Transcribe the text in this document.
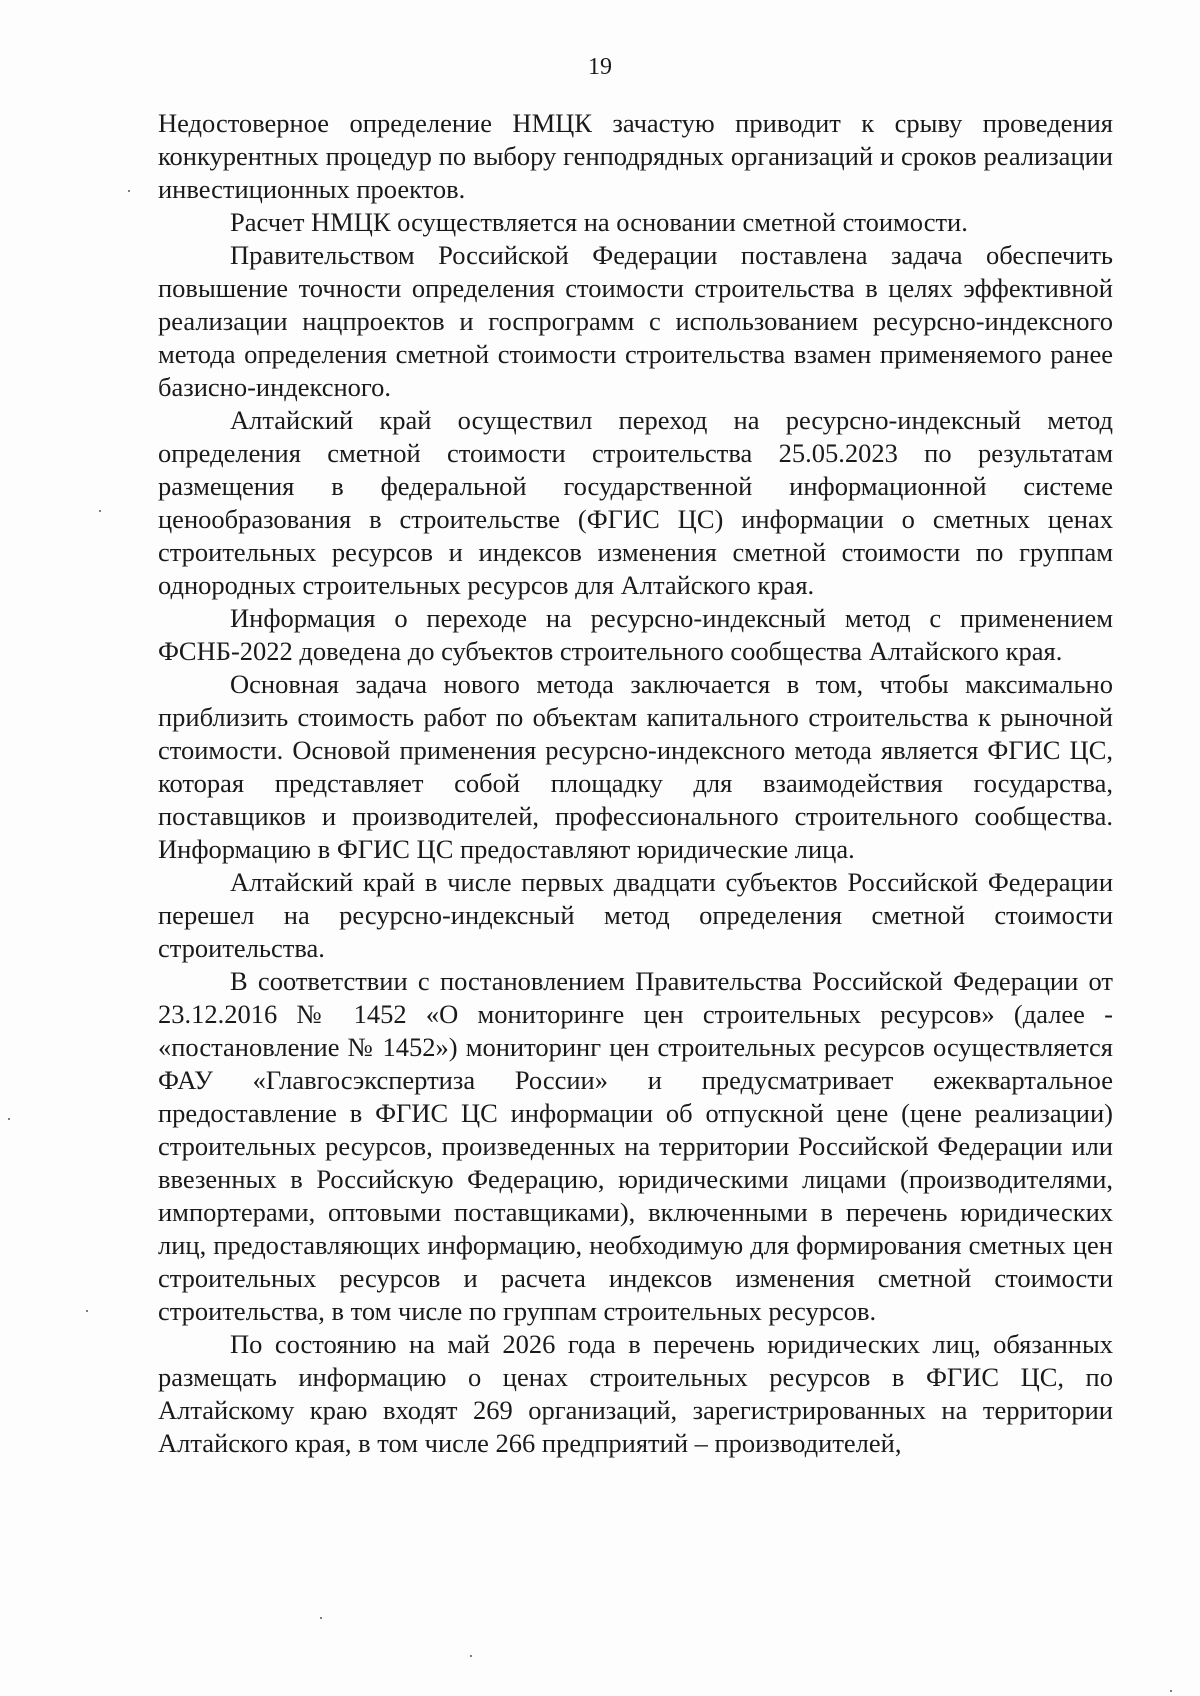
19

Недостоверное определение НМЦК зачастую приводит к срыву проведения конкурентных процедур по выбору генподрядных организаций и сроков реализации инвестиционных проектов.

Расчет НМЦК осуществляется на основании сметной стоимости.

Правительством Российской Федерации поставлена задача обеспечить повышение точности определения стоимости строительства в целях эффективной реализации нацпроектов и госпрограмм с использованием ресурсно-индексного метода определения сметной стоимости строительства взамен применяемого ранее базисно-индексного.

Алтайский край осуществил переход на ресурсно-индексный метод определения сметной стоимости строительства 25.05.2023 по результатам размещения в федеральной государственной информационной системе ценообразования в строительстве (ФГИС ЦС) информации о сметных ценах строительных ресурсов и индексов изменения сметной стоимости по группам однородных строительных ресурсов для Алтайского края.

Информация о переходе на ресурсно-индексный метод с применением ФСНБ-2022 доведена до субъектов строительного сообщества Алтайского края.

Основная задача нового метода заключается в том, чтобы максимально приблизить стоимость работ по объектам капитального строительства к рыночной стоимости. Основой применения ресурсно-индексного метода является ФГИС ЦС, которая представляет собой площадку для взаимодействия государства, поставщиков и производителей, профессионального строительного сообщества. Информацию в ФГИС ЦС предоставляют юридические лица.

Алтайский край в числе первых двадцати субъектов Российской Федерации перешел на ресурсно-индексный метод определения сметной стоимости строительства.

В соответствии с постановлением Правительства Российской Федерации от 23.12.2016 № 1452 «О мониторинге цен строительных ресурсов» (далее - «постановление № 1452») мониторинг цен строительных ресурсов осуществляется ФАУ «Главгосэкспертиза России» и предусматривает ежеквартальное предоставление в ФГИС ЦС информации об отпускной цене (цене реализации) строительных ресурсов, произведенных на территории Российской Федерации или ввезенных в Российскую Федерацию, юридическими лицами (производителями, импортерами, оптовыми поставщиками), включенными в перечень юридических лиц, предоставляющих информацию, необходимую для формирования сметных цен строительных ресурсов и расчета индексов изменения сметной стоимости строительства, в том числе по группам строительных ресурсов.

По состоянию на май 2026 года в перечень юридических лиц, обязанных размещать информацию о ценах строительных ресурсов в ФГИС ЦС, по Алтайскому краю входят 269 организаций, зарегистрированных на территории Алтайского края, в том числе 266 предприятий – производителей,
